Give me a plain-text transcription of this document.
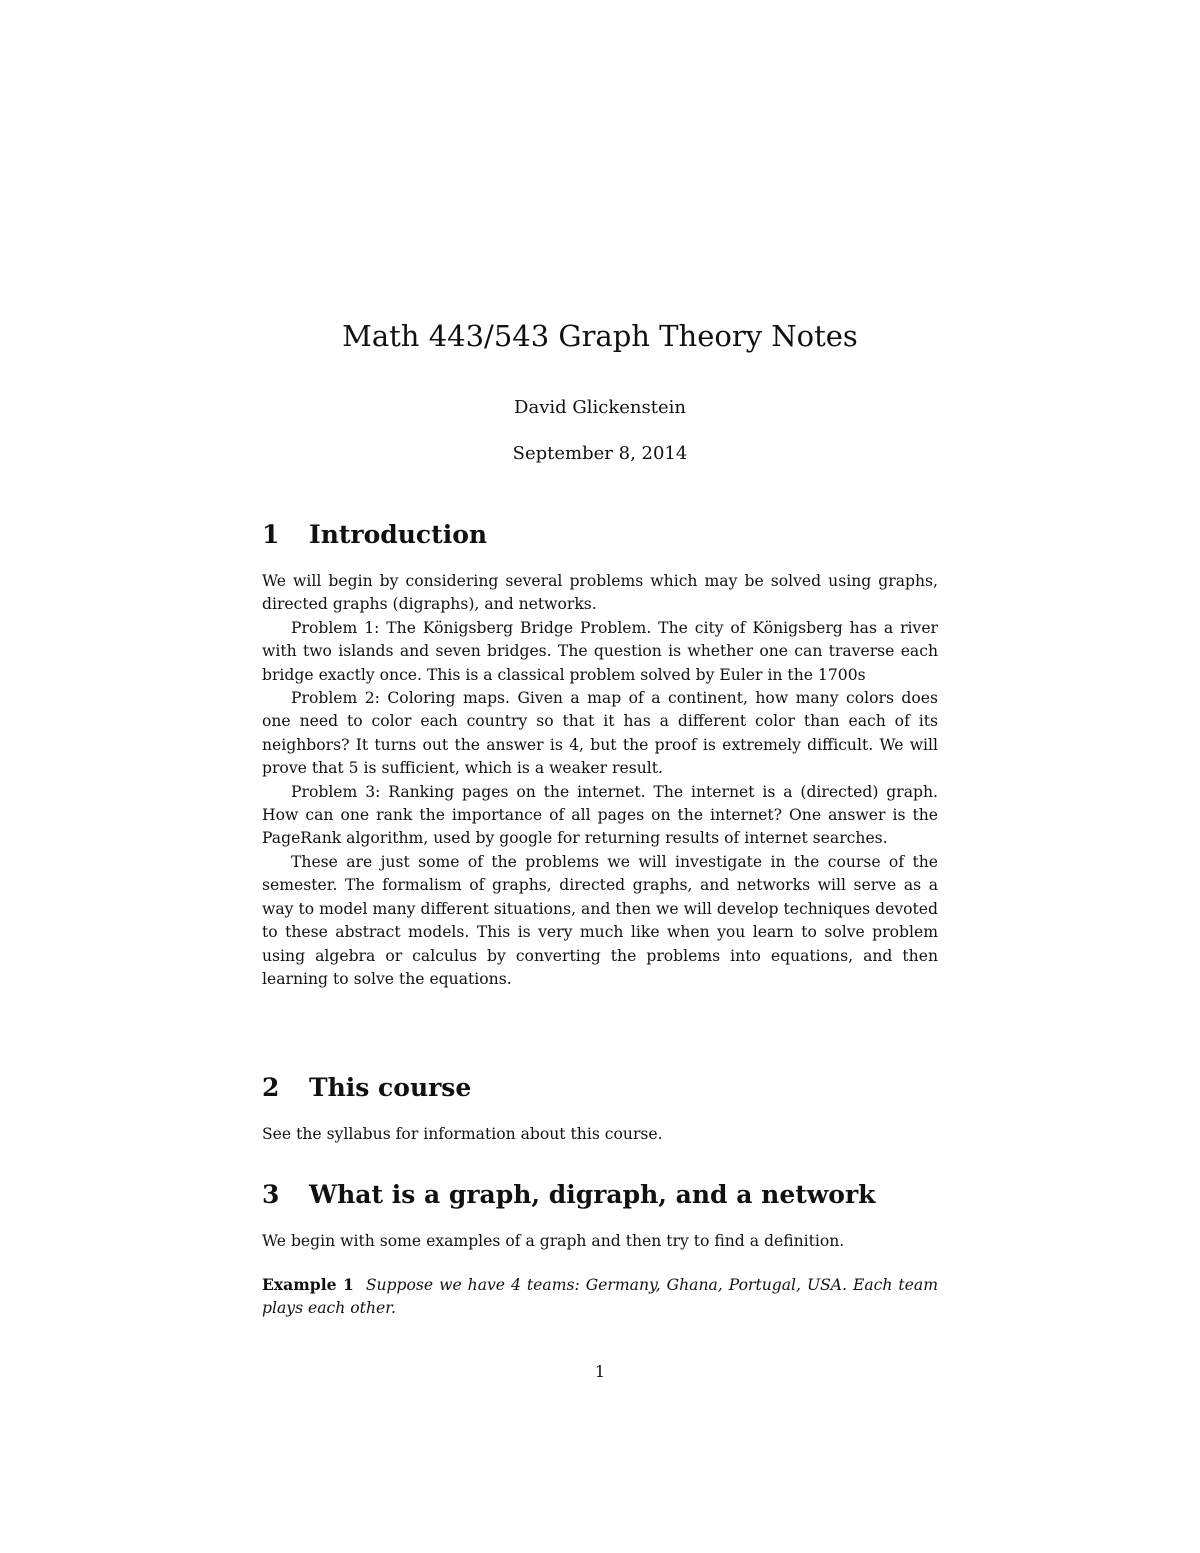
Math 443/543 Graph Theory Notes
David Glickenstein
September 8, 2014
1 Introduction

We will begin by considering several problems which may be solved using graphs, directed graphs (digraphs), and networks.

Problem 1: The Königsberg Bridge Problem. The city of Königsberg has a river with two islands and seven bridges. The question is whether one can traverse each bridge exactly once. This is a classical problem solved by Euler in the 1700s

Problem 2: Coloring maps. Given a map of a continent, how many colors does one need to color each country so that it has a different color than each of its neighbors? It turns out the answer is 4, but the proof is extremely difficult. We will prove that 5 is sufficient, which is a weaker result.

Problem 3: Ranking pages on the internet. The internet is a (directed) graph. How can one rank the importance of all pages on the internet? One answer is the PageRank algorithm, used by google for returning results of internet searches.

These are just some of the problems we will investigate in the course of the semester. The formalism of graphs, directed graphs, and networks will serve as a way to model many different situations, and then we will develop techniques devoted to these abstract models. This is very much like when you learn to solve problem using algebra or calculus by converting the problems into equations, and then learning to solve the equations.

2 This course

See the syllabus for information about this course.

3 What is a graph, digraph, and a network

We begin with some examples of a graph and then try to find a definition.

Example 1 Suppose we have 4 teams: Germany, Ghana, Portugal, USA. Each team plays each other.
1
